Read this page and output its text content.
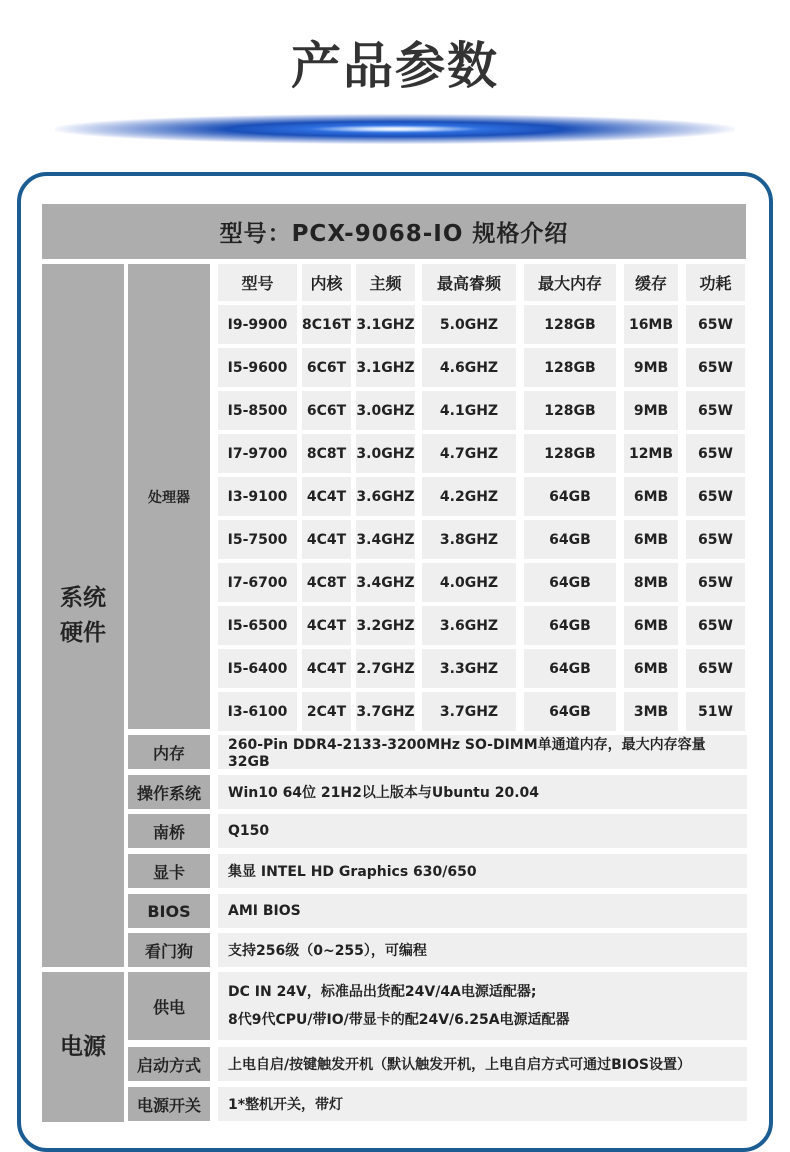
产品参数
型号：PCX-9068-IO 规格介绍
系统
硬件
电源
处理器
型号	内核	主频	最高睿频	最大内存	缓存	功耗
I9-9900	8C16T 3.1GHZ	5.0GHZ	128GB	16MB	65W
I5-9600	6C6T 3.1GHZ	4.6GHZ	128GB	9MB	65W
I5-8500	6C6T 3.0GHZ	4.1GHZ	128GB	9MB	65W
I7-9700	8C8T 3.0GHZ	4.7GHZ	128GB	12MB	65W
I3-9100	4C4T 3.6GHZ	4.2GHZ	64GB	6MB	65W
I5-7500	4C4T 3.4GHZ	3.8GHZ	64GB	6MB	65W
I7-6700	4C8T 3.4GHZ	4.0GHZ	64GB	8MB	65W
I5-6500	4C4T 3.2GHZ	3.6GHZ	64GB	6MB	65W
I5-6400	4C4T 2.7GHZ	3.3GHZ	64GB	6MB	65W
I3-6100	2C4T 3.7GHZ	3.7GHZ	64GB	3MB	51W
内存	260-Pin DDR4-2133-3200MHz SO-DIMM单通道内存，最大内存容量32GB
操作系统	Win10 64位 21H2以上版本与Ubuntu 20.04
南桥	Q150
显卡	集显 INTEL HD Graphics 630/650
BIOS	AMI BIOS
看门狗	支持256级（0~255），可编程
供电
DC IN 24V，标准品出货配24V/4A电源适配器;
8代9代CPU/带IO/带显卡的配24V/6.25A电源适配器
启动方式	上电自启/按键触发开机（默认触发开机，上电自启方式可通过BIOS设置）
电源开关	1*整机开关，带灯
